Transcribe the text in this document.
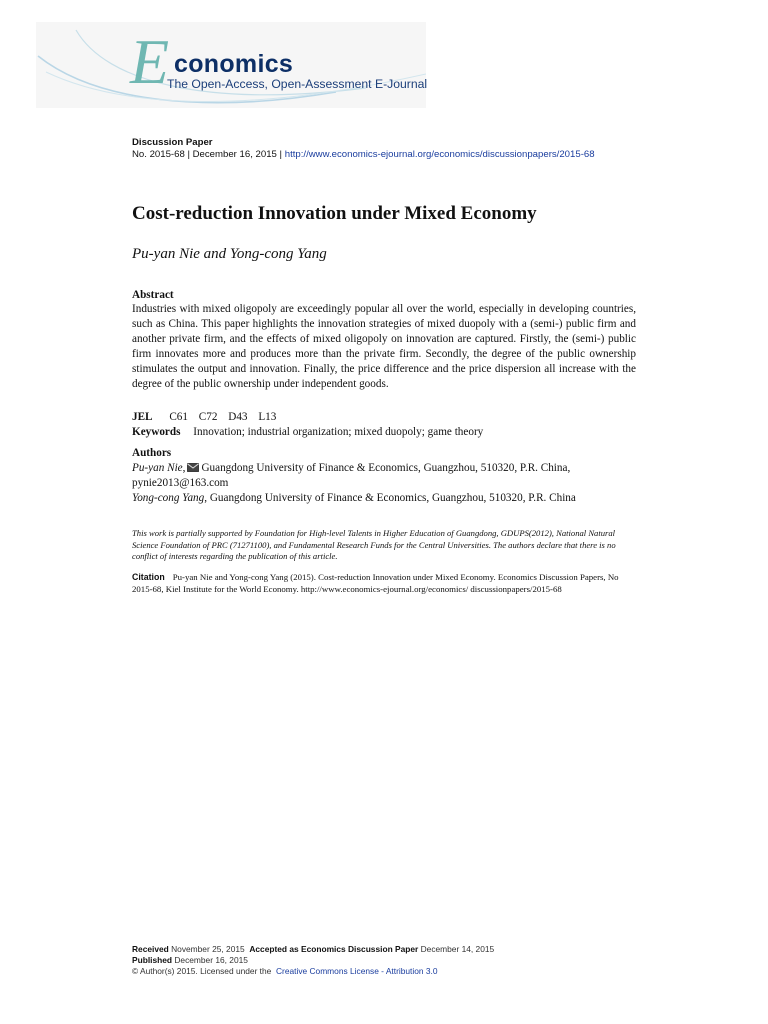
E conomics
The Open-Access, Open-Assessment E-Journal
Discussion Paper
No. 2015-68 | December 16, 2015 | http://www.economics-ejournal.org/economics/discussionpapers/2015-68
Cost-reduction Innovation under Mixed Economy
Pu-yan Nie and Yong-cong Yang
Abstract

Industries with mixed oligopoly are exceedingly popular all over the world, especially in developing countries, such as China. This paper highlights the innovation strategies of mixed duopoly with a (semi-) public firm and another private firm, and the effects of mixed oligopoly on innovation are captured. Firstly, the (semi-) public firm innovates more and produces more than the private firm. Secondly, the degree of the public ownership stimulates the output and innovation. Finally, the price difference and the price dispersion all increase with the degree of the public ownership under independent goods.

JEL C61 C72 D43 L13
Keywords Innovation; industrial organization; mixed duopoly; game theory
Authors

Pu-yan Nie, Guangdong University of Finance & Economics, Guangzhou, 510320, P.R. China, pynie2013@163.com

Yong-cong Yang, Guangdong University of Finance & Economics, Guangzhou, 510320, P.R. China

This work is partially supported by Foundation for High-level Talents in Higher Education of Guangdong, GDUPS(2012), National Natural Science Foundation of PRC (71271100), and Fundamental Research Funds for the Central Universities. The authors declare that there is no conflict of interests regarding the publication of this article.

Citation Pu-yan Nie and Yong-cong Yang (2015). Cost-reduction Innovation under Mixed Economy. Economics Discussion Papers, No 2015-68, Kiel Institute for the World Economy. http://www.economics-ejournal.org/economics/ discussionpapers/2015-68

Received November 25, 2015 Accepted as Economics Discussion Paper December 14, 2015

Published December 16, 2015

© Author(s) 2015. Licensed under the Creative Commons License - Attribution 3.0
